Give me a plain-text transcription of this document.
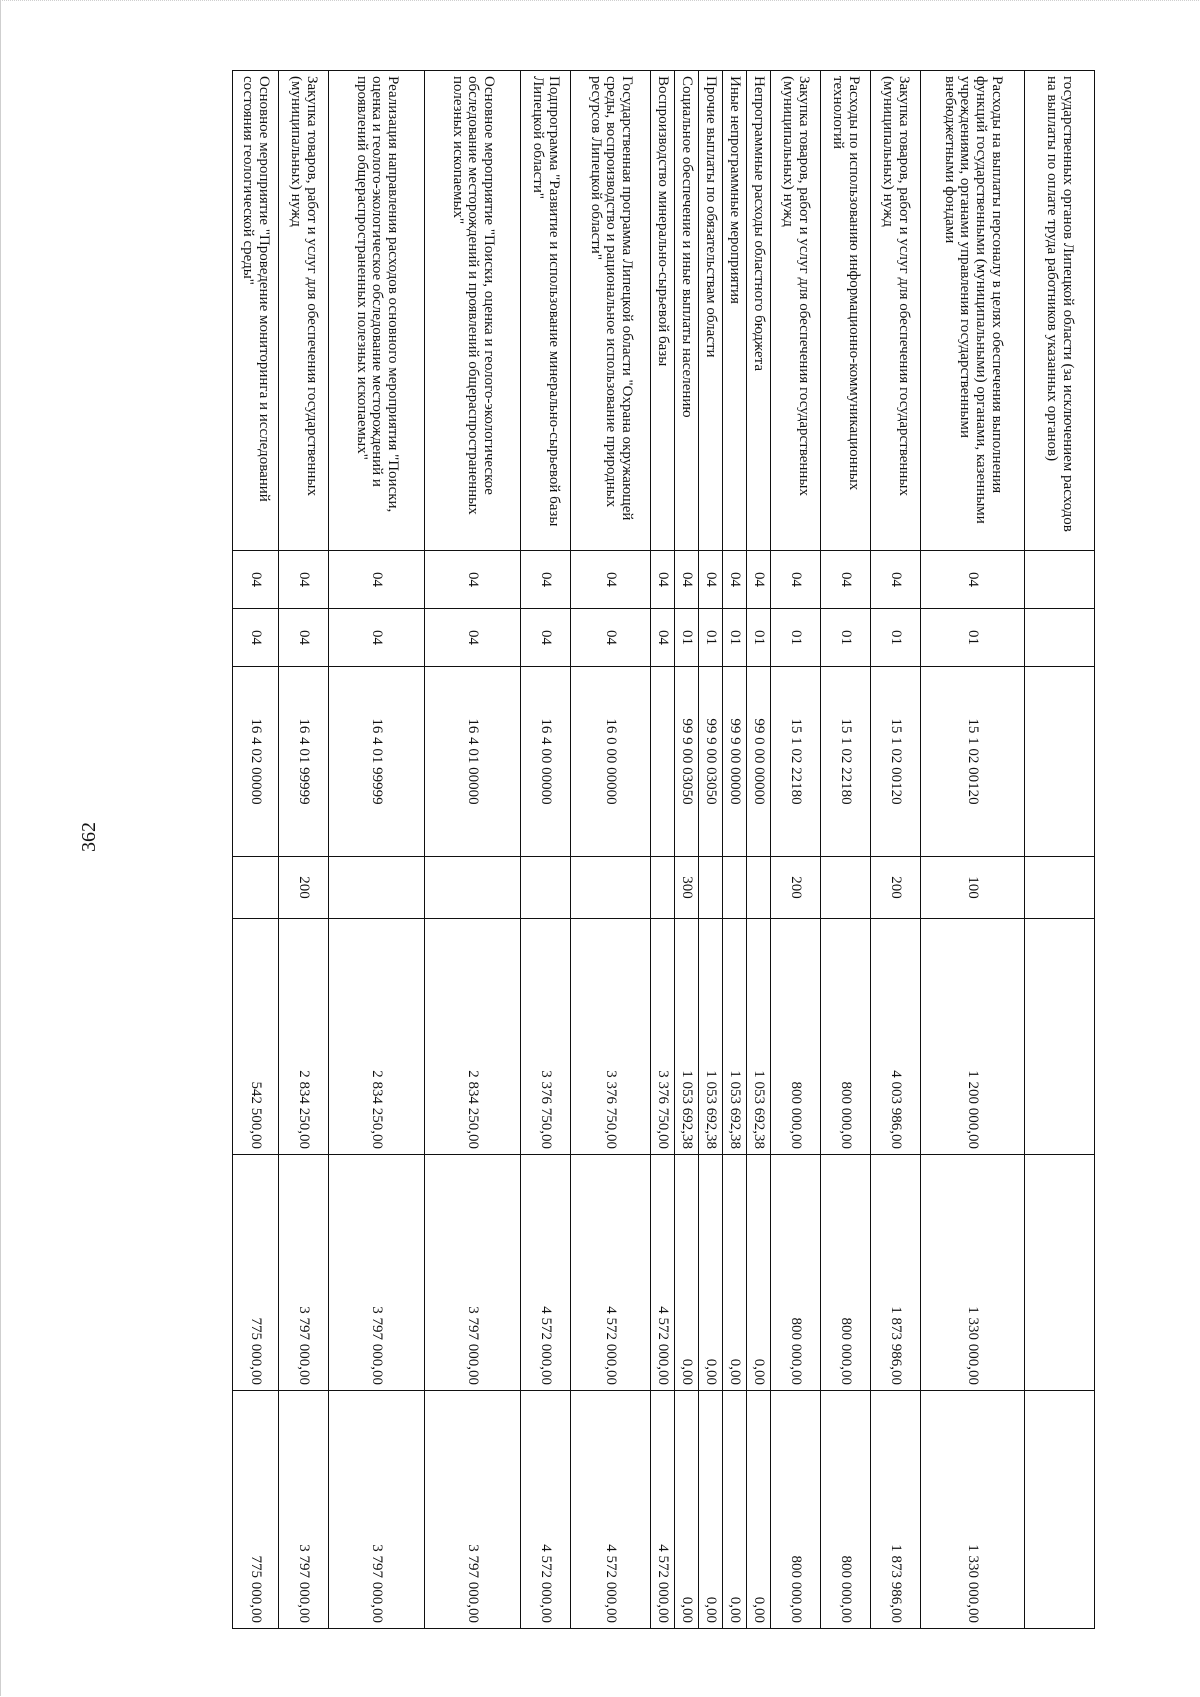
362
государственных органов Липецкой области (за исключением расходов на выплаты по оплате труда работников указанных органов)							
Расходы на выплаты персоналу в целях обеспечения выполнения функций государственными (муниципальными) органами, казенными учреждениями, органами управления государственными внебюджетными фондами	04	01	15 1 02 00120	100	1 200 000,00	1 330 000,00	1 330 000,00
Закупка товаров, работ и услуг для обеспечения государственных (муниципальных) нужд	04	01	15 1 02 00120	200	4 003 986,00	1 873 986,00	1 873 986,00
Расходы по использованию информационно-коммуникационных технологий	04	01	15 1 02 22180		800 000,00	800 000,00	800 000,00
Закупка товаров, работ и услуг для обеспечения государственных (муниципальных) нужд	04	01	15 1 02 22180	200	800 000,00	800 000,00	800 000,00
Непрограммные расходы областного бюджета	04	01	99 0 00 00000		1 053 692,38	0,00	0,00
Иные непрограммные мероприятия	04	01	99 9 00 00000		1 053 692,38	0,00	0,00
Прочие выплаты по обязательствам области	04	01	99 9 00 03050		1 053 692,38	0,00	0,00
Социальное обеспечение и иные выплаты населению	04	01	99 9 00 03050	300	1 053 692,38	0,00	0,00
Воспроизводство минерально-сырьевой базы	04	04			3 376 750,00	4 572 000,00	4 572 000,00
Государственная программа Липецкой области "Охрана окружающей среды, воспроизводство и рациональное использование природных ресурсов Липецкой области"	04	04	16 0 00 00000		3 376 750,00	4 572 000,00	4 572 000,00
Подпрограмма "Развитие и использование минерально-сырьевой базы Липецкой области"	04	04	16 4 00 00000		3 376 750,00	4 572 000,00	4 572 000,00
Основное мероприятие "Поиски, оценка и геолого-экологическое обследование месторождений и проявлений общераспространенных полезных ископаемых"	04	04	16 4 01 00000		2 834 250,00	3 797 000,00	3 797 000,00
Реализация направления расходов основного мероприятия "Поиски, оценка и геолого-экологическое обследование месторождений и проявлений общераспространенных полезных ископаемых"	04	04	16 4 01 99999		2 834 250,00	3 797 000,00	3 797 000,00
Закупка товаров, работ и услуг для обеспечения государственных (муниципальных) нужд	04	04	16 4 01 99999	200	2 834 250,00	3 797 000,00	3 797 000,00
Основное мероприятие "Проведение мониторинга и исследований состояния геологической среды"	04	04	16 4 02 00000		542 500,00	775 000,00	775 000,00
